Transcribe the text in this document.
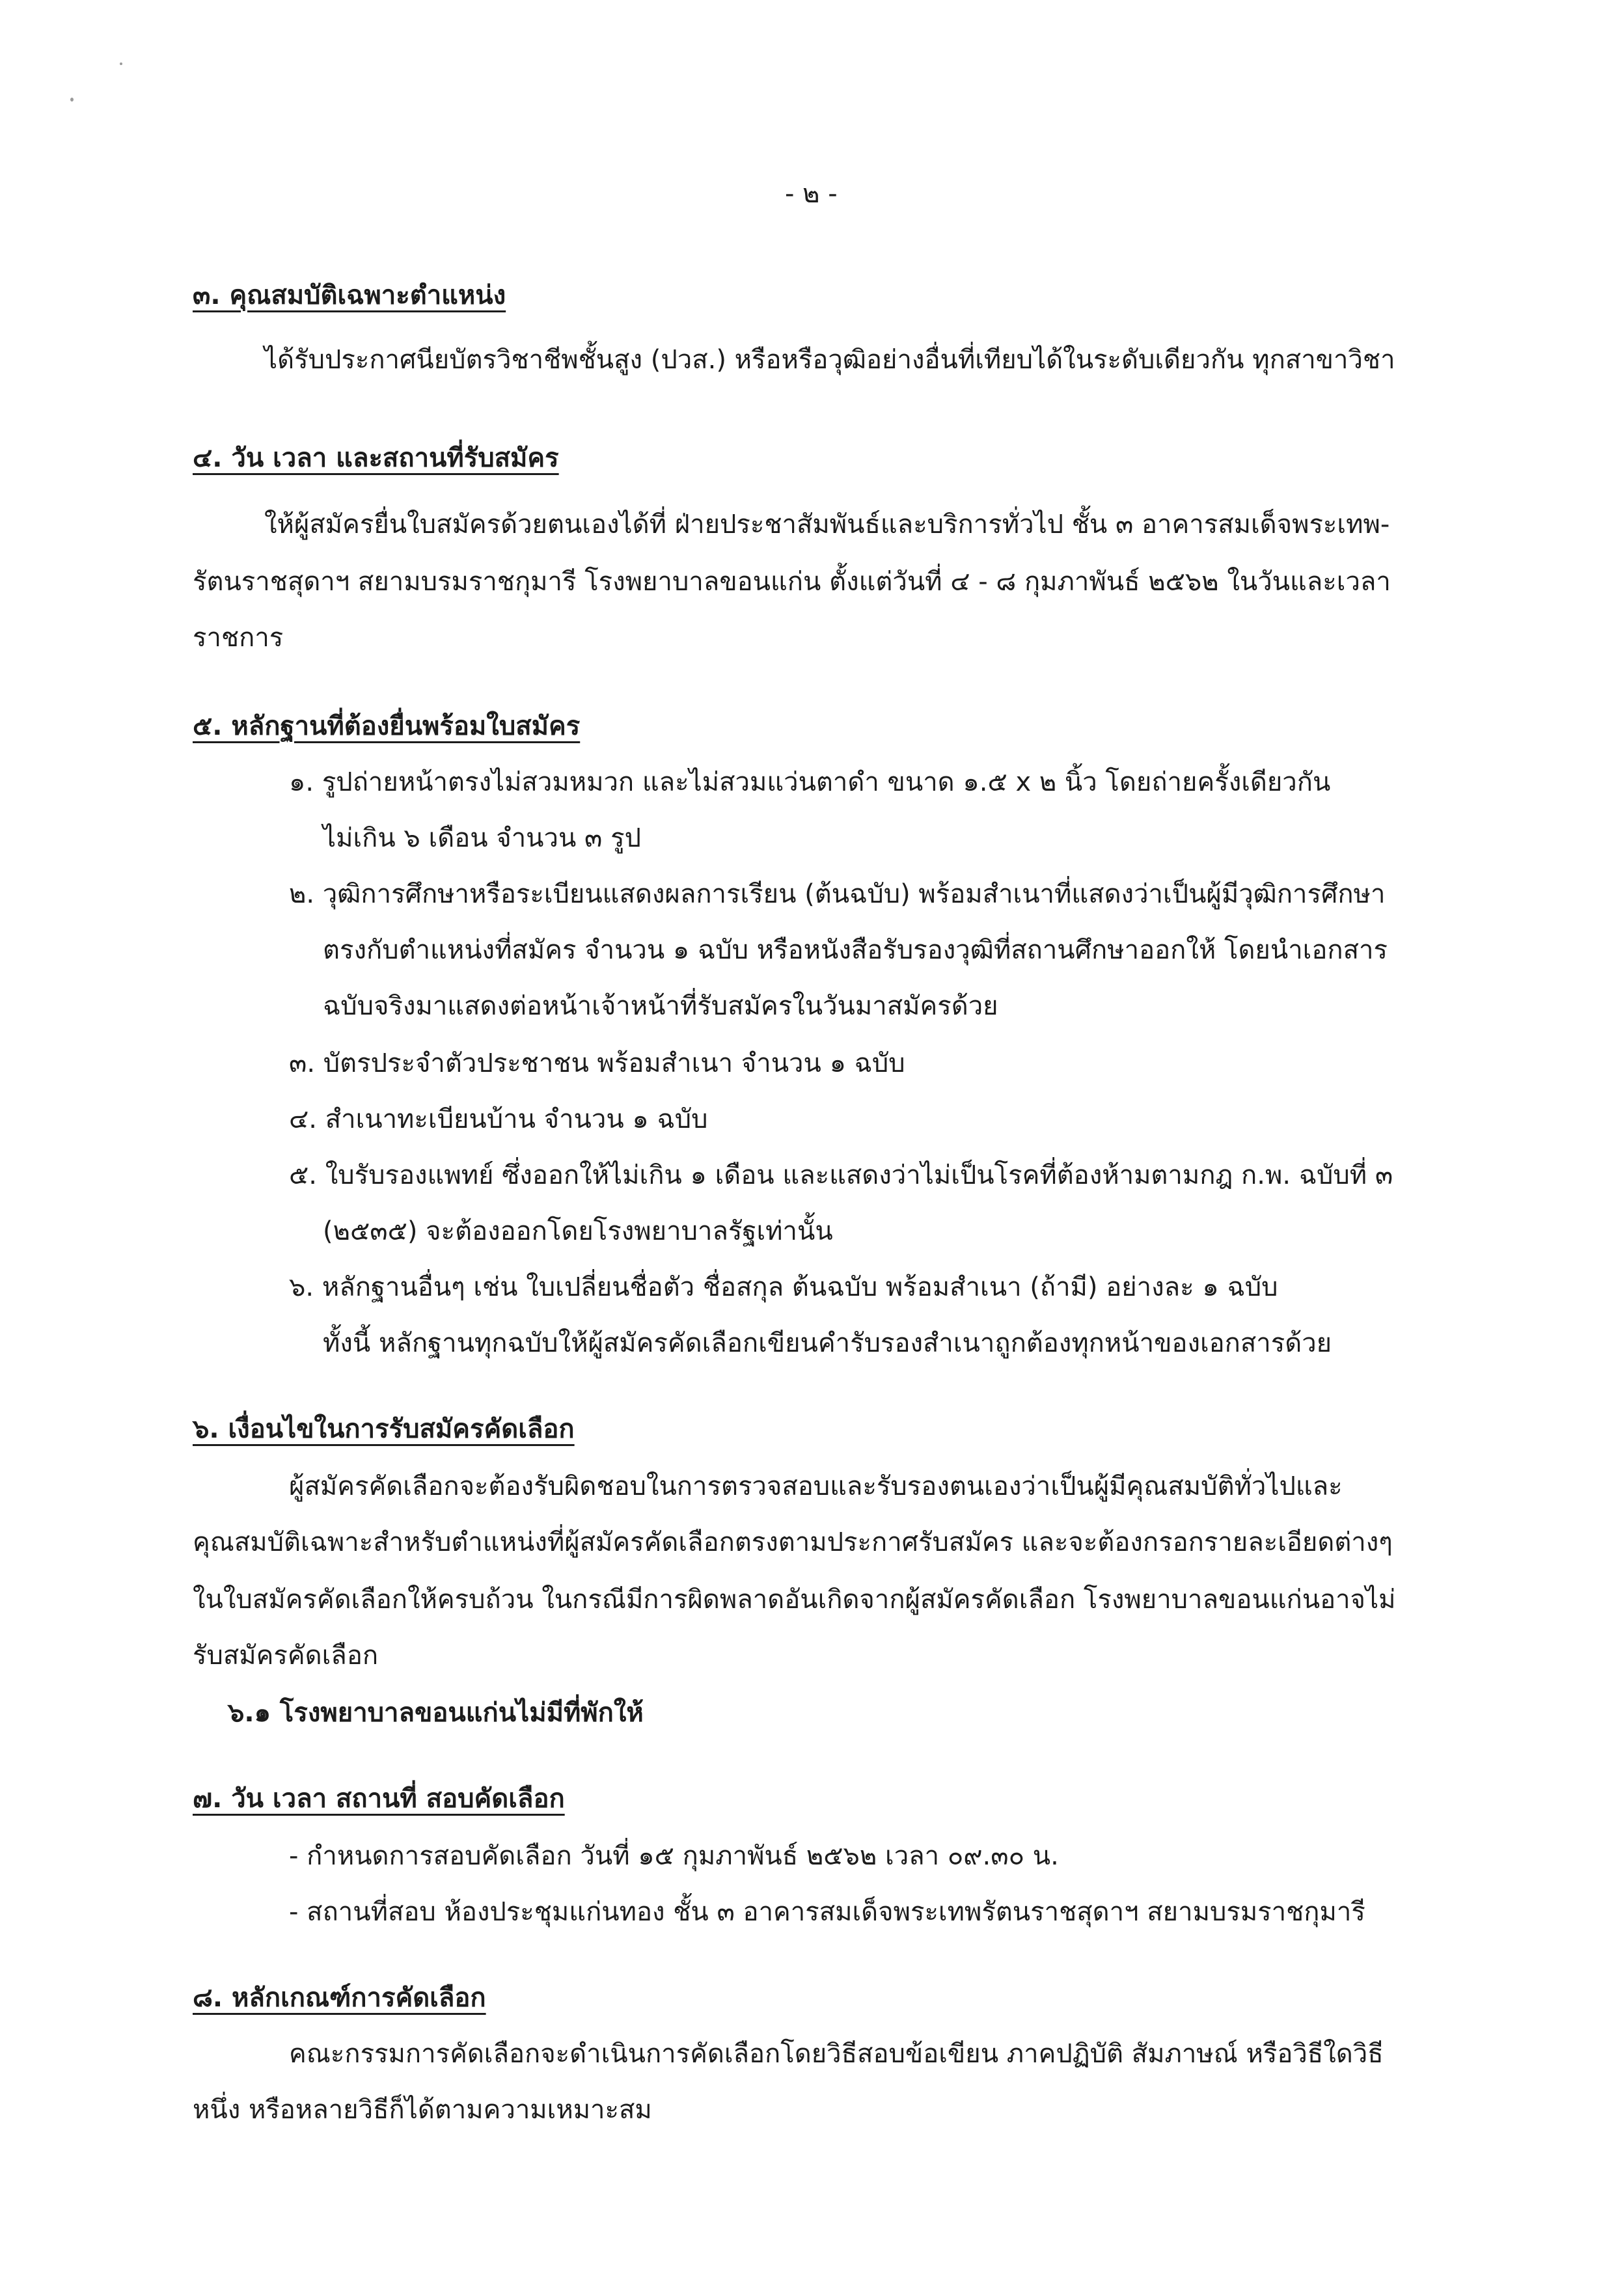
- ๒ -

๓. คุณสมบัติเฉพาะตำแหน่ง

ได้รับประกาศนียบัตรวิชาชีพชั้นสูง (ปวส.) หรือหรือวุฒิอย่างอื่นที่เทียบได้ในระดับเดียวกัน ทุกสาขาวิชา

๔. วัน เวลา และสถานที่รับสมัคร

ให้ผู้สมัครยื่นใบสมัครด้วยตนเองได้ที่ ฝ่ายประชาสัมพันธ์และบริการทั่วไป ชั้น ๓ อาคารสมเด็จพระเทพ-

รัตนราชสุดาฯ สยามบรมราชกุมารี โรงพยาบาลขอนแก่น ตั้งแต่วันที่ ๔ - ๘ กุมภาพันธ์ ๒๕๖๒ ในวันและเวลา

ราชการ

๕. หลักฐานที่ต้องยื่นพร้อมใบสมัคร

๑. รูปถ่ายหน้าตรงไม่สวมหมวก และไม่สวมแว่นตาดำ ขนาด ๑.๕ x ๒ นิ้ว โดยถ่ายครั้งเดียวกัน

ไม่เกิน ๖ เดือน จำนวน ๓ รูป

๒. วุฒิการศึกษาหรือระเบียนแสดงผลการเรียน (ต้นฉบับ) พร้อมสำเนาที่แสดงว่าเป็นผู้มีวุฒิการศึกษา

ตรงกับตำแหน่งที่สมัคร จำนวน ๑ ฉบับ หรือหนังสือรับรองวุฒิที่สถานศึกษาออกให้ โดยนำเอกสาร

ฉบับจริงมาแสดงต่อหน้าเจ้าหน้าที่รับสมัครในวันมาสมัครด้วย

๓. บัตรประจำตัวประชาชน พร้อมสำเนา จำนวน ๑ ฉบับ

๔. สำเนาทะเบียนบ้าน จำนวน ๑ ฉบับ

๕. ใบรับรองแพทย์ ซึ่งออกให้ไม่เกิน ๑ เดือน และแสดงว่าไม่เป็นโรคที่ต้องห้ามตามกฎ ก.พ. ฉบับที่ ๓

(๒๕๓๕) จะต้องออกโดยโรงพยาบาลรัฐเท่านั้น

๖. หลักฐานอื่นๆ เช่น ใบเปลี่ยนชื่อตัว ชื่อสกุล ต้นฉบับ พร้อมสำเนา (ถ้ามี) อย่างละ ๑ ฉบับ

ทั้งนี้ หลักฐานทุกฉบับให้ผู้สมัครคัดเลือกเขียนคำรับรองสำเนาถูกต้องทุกหน้าของเอกสารด้วย

๖. เงื่อนไขในการรับสมัครคัดเลือก

ผู้สมัครคัดเลือกจะต้องรับผิดชอบในการตรวจสอบและรับรองตนเองว่าเป็นผู้มีคุณสมบัติทั่วไปและ

คุณสมบัติเฉพาะสำหรับตำแหน่งที่ผู้สมัครคัดเลือกตรงตามประกาศรับสมัคร และจะต้องกรอกรายละเอียดต่างๆ

ในใบสมัครคัดเลือกให้ครบถ้วน ในกรณีมีการผิดพลาดอันเกิดจากผู้สมัครคัดเลือก โรงพยาบาลขอนแก่นอาจไม่

รับสมัครคัดเลือก

๖.๑ โรงพยาบาลขอนแก่นไม่มีที่พักให้

๗. วัน เวลา สถานที่ สอบคัดเลือก

- กำหนดการสอบคัดเลือก วันที่ ๑๕ กุมภาพันธ์ ๒๕๖๒ เวลา ๐๙.๓๐ น.

- สถานที่สอบ ห้องประชุมแก่นทอง ชั้น ๓ อาคารสมเด็จพระเทพรัตนราชสุดาฯ สยามบรมราชกุมารี

๘. หลักเกณฑ์การคัดเลือก

คณะกรรมการคัดเลือกจะดำเนินการคัดเลือกโดยวิธีสอบข้อเขียน ภาคปฏิบัติ สัมภาษณ์ หรือวิธีใดวิธี

หนึ่ง หรือหลายวิธีก็ได้ตามความเหมาะสม
